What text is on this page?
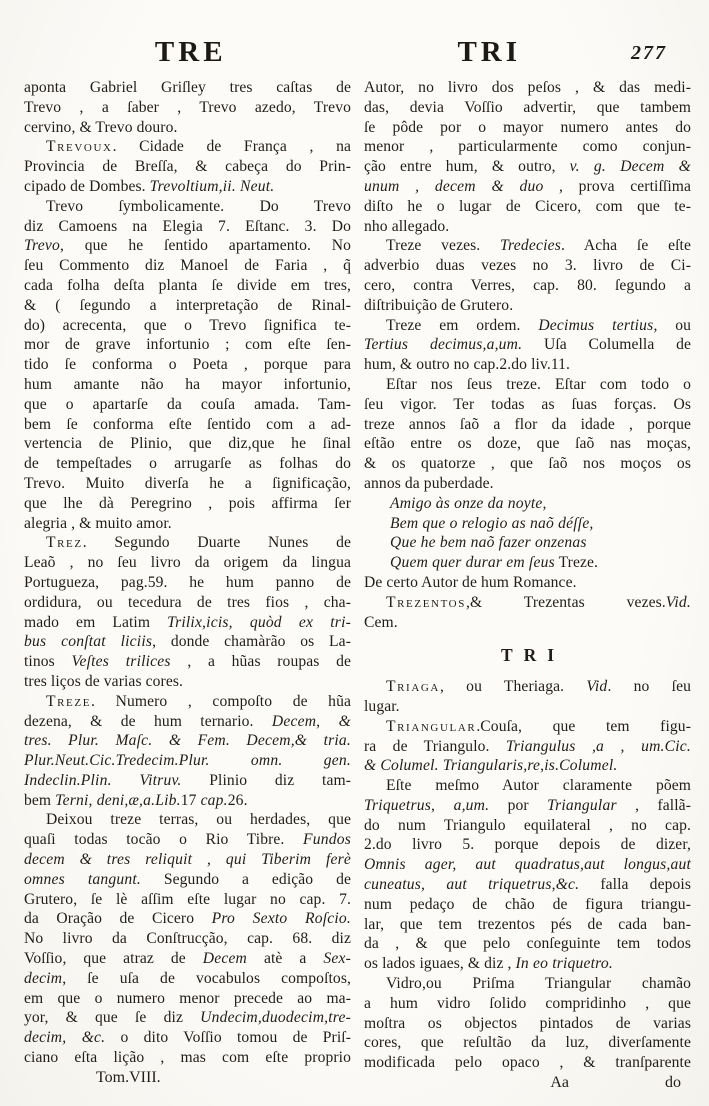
TRE	TRI	277
aponta Gabriel Griſley tres caſtas de
Trevo , a ſaber , Trevo azedo, Trevo
cervino, & Trevo douro.
Trevoux. Cidade de França , na
Provincia de Breſſa, & cabeça do Prin-
cipado de Dombes. Trevoltium,ii. Neut.
Trevo ſymbolicamente. Do Trevo
diz Camoens na Elegia 7. Eſtanc. 3. Do
Trevo, que he ſentido apartamento. No
ſeu Commento diz Manoel de Faria , q̃
cada folha deſta planta ſe divide em tres,
& ( ſegundo a interpretação de Rinal-
do) acrecenta, que o Trevo ſignifica te-
mor de grave infortunio ; com eſte ſen-
tido ſe conforma o Poeta , porque para
hum amante não ha mayor infortunio,
que o apartarſe da couſa amada. Tam-
bem ſe conforma eſte ſentido com a ad-
vertencia de Plinio, que diz,que he ſinal
de tempeſtades o arrugarſe as folhas do
Trevo. Muito diverſa he a ſignificação,
que lhe dà Peregrino , pois affirma ſer
alegria , & muito amor.
Trez. Segundo Duarte Nunes de
Leaõ , no ſeu livro da origem da lingua
Portugueza, pag.59. he hum panno de
ordidura, ou tecedura de tres fios , cha-
mado em Latim Trilix,icis, quòd ex tri-
bus conſtat liciis, donde chamàrão os La-
tinos Veſtes trilices , a hũas roupas de
tres liços de varias cores.
Treze. Numero , compoſto de hũa
dezena, & de hum ternario. Decem, &
tres. Plur. Maſc. & Fem. Decem,& tria.
Plur.Neut.Cic.Tredecim.Plur. omn. gen.
Indeclin.Plin. Vitruv. Plinio diz tam-
bem Terni, deni,æ,a.Lib.17 cap.26.
Deixou treze terras, ou herdades, que
quaſi todas tocão o Rio Tibre. Fundos
decem & tres reliquit , qui Tiberim ferè
omnes tangunt. Segundo a edição de
Grutero, ſe lè aſſim eſte lugar no cap. 7.
da Oração de Cicero Pro Sexto Roſcio.
No livro da Conſtrucção, cap. 68. diz
Voſſio, que atraz de Decem atè a Sex-
decim, ſe uſa de vocabulos compoſtos,
em que o numero menor precede ao ma-
yor, & que ſe diz Undecim,duodecim,tre-
decim, &c. o dito Voſſio tomou de Priſ-
ciano eſta lição , mas com eſte proprio
Tom.VIII.
Autor, no livro dos peſos , & das medi-
das, devia Voſſio advertir, que tambem
ſe pôde por o mayor numero antes do
menor , particularmente como conjun-
ção entre hum, & outro, v. g. Decem &
unum , decem & duo , prova certiſſima
diſto he o lugar de Cicero, com que te-
nho allegado.
Treze vezes. Tredecies. Acha ſe eſte
adverbio duas vezes no 3. livro de Ci-
cero, contra Verres, cap. 80. ſegundo a
diſtribuição de Grutero.
Treze em ordem. Decimus tertius, ou
Tertius decimus,a,um. Uſa Columella de
hum, & outro no cap.2.do liv.11.
Eſtar nos ſeus treze. Eſtar com todo o
ſeu vigor. Ter todas as ſuas forças. Os
treze annos ſaõ a flor da idade , porque
eſtão entre os doze, que ſaõ nas moças,
& os quatorze , que ſaõ nos moços os
annos da puberdade.
Amigo às onze da noyte,
Bem que o relogio as naõ déſſe,
Que he bem naõ fazer onzenas
Quem quer durar em ſeus Treze.
De certo Autor de hum Romance.
Trezentos,& Trezentas vezes.Vid.
Cem.
TRI
Triaga, ou Theriaga. Vid. no ſeu
lugar.
Triangular.Couſa, que tem figu-
ra de Triangulo. Triangulus ,a , um.Cic.
& Columel. Triangularis,re,is.Columel.
Eſte meſmo Autor claramente põem
Triquetrus, a,um. por Triangular , fallã-
do num Triangulo equilateral , no cap.
2.do livro 5. porque depois de dizer,
Omnis ager, aut quadratus,aut longus,aut
cuneatus, aut triquetrus,&c. falla depois
num pedaço de chão de figura triangu-
lar, que tem trezentos pés de cada ban-
da , & que pelo conſeguinte tem todos
os lados iguaes, & diz , In eo triquetro.
Vidro,ou Priſma Triangular chamão
a hum vidro ſolido compridinho , que
moſtra os objectos pintados de varias
cores, que reſultão da luz, diverſamente
modificada pelo opaco , & tranſparente
Aa	do
